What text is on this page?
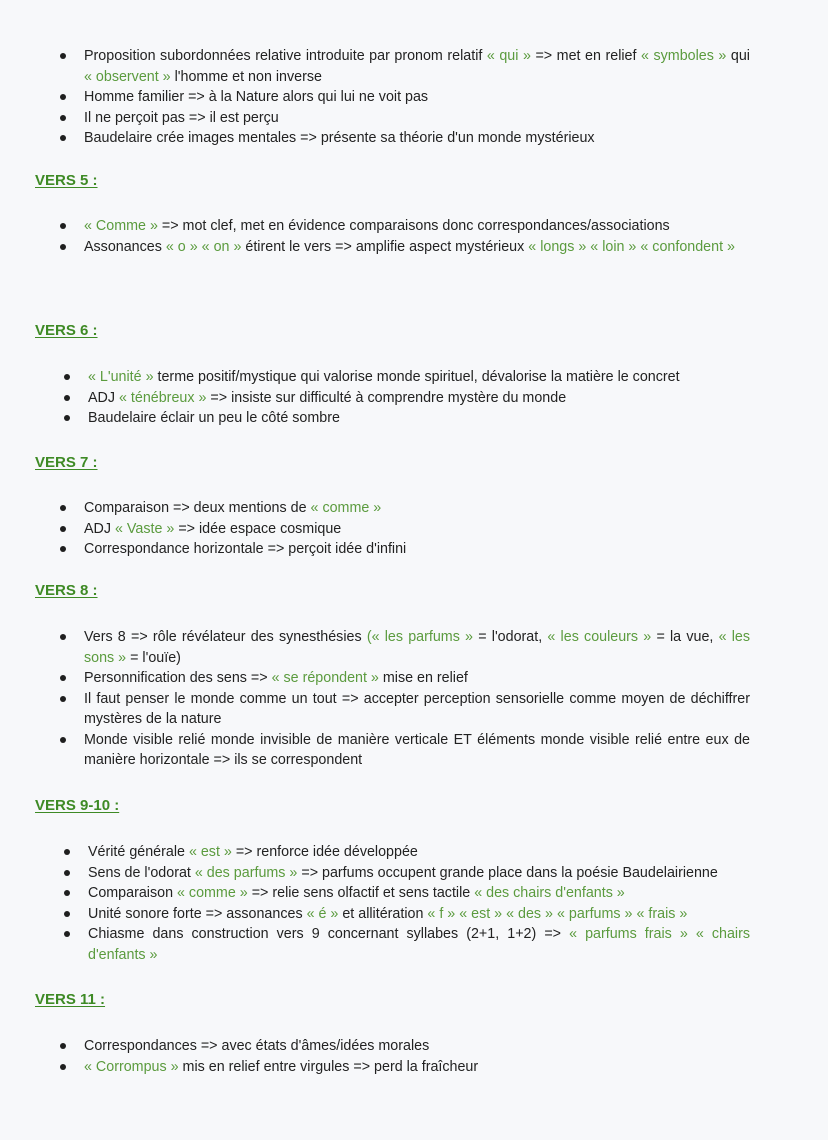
Proposition subordonnées relative introduite par pronom relatif « qui » => met en relief « symboles » qui « observent » l'homme et non inverse
Homme familier => à la Nature alors qui lui ne voit pas
Il ne perçoit pas => il est perçu
Baudelaire crée images mentales => présente sa théorie d'un monde mystérieux
VERS 5 :
« Comme » => mot clef, met en évidence comparaisons donc correspondances/associations
Assonances « o » « on » étirent le vers => amplifie aspect mystérieux « longs » « loin » « confondent »
VERS 6 :
« L'unité » terme positif/mystique qui valorise monde spirituel, dévalorise la matière le concret
ADJ « ténébreux » => insiste sur difficulté à comprendre mystère du monde
Baudelaire éclair un peu le côté sombre
VERS 7 :
Comparaison => deux mentions de « comme »
ADJ « Vaste » => idée espace cosmique
Correspondance horizontale => perçoit idée d'infini
VERS 8 :
Vers 8 => rôle révélateur des synesthésies (« les parfums » = l'odorat, « les couleurs » = la vue, « les sons » = l'ouïe)
Personnification des sens => « se répondent » mise en relief
Il faut penser le monde comme un tout => accepter perception sensorielle comme moyen de déchiffrer mystères de la nature
Monde visible relié monde invisible de manière verticale ET éléments monde visible relié entre eux de manière horizontale => ils se correspondent
VERS 9-10 :
Vérité générale « est » => renforce idée développée
Sens de l'odorat « des parfums » => parfums occupent grande place dans la poésie Baudelairienne
Comparaison « comme » => relie sens olfactif et sens tactile « des chairs d'enfants »
Unité sonore forte => assonances « é » et allitération « f » « est » « des » « parfums » « frais »
Chiasme dans construction vers 9 concernant syllabes (2+1, 1+2) => « parfums frais » « chairs d'enfants »
VERS 11 :
Correspondances => avec états d'âmes/idées morales
« Corrompus » mis en relief entre virgules => perd la fraîcheur
